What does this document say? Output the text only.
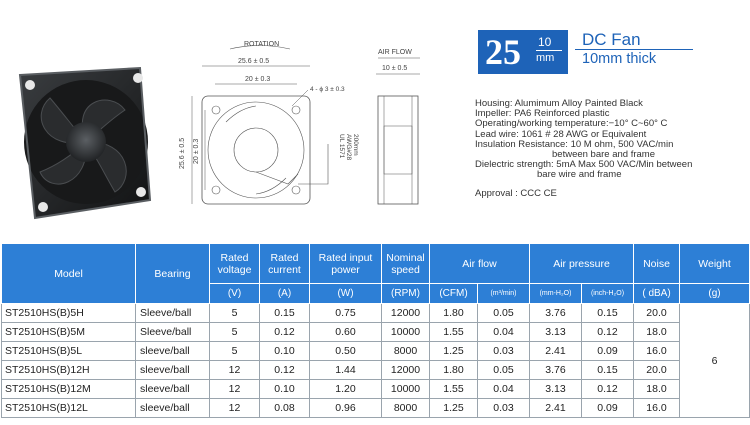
ROTATION
25.6 ± 0.5
20 ± 0.3
4 - ϕ 3 ± 0.3
25.6 ± 0.5 20 ± 0.3	UL 1571 AWG#28 200mm
AIR FLOW
10 ± 0.5 25 10
mm
DC Fan
10mm thick
Housing: Alumimum Alloy Painted Black
Impeller: PA6 Reinforced plastic
Operating/working temperature:−10° C~60° C
Lead wire: 1061 # 28 AWG or Equivalent
Insulation Resistance: 10 M ohm, 500 VAC/min
between bare and frame
Dielectric strength: 5mA Max 500 VAC/Min between
bare wire and frame
Approval : CCC CE
Model	Bearing	Rated voltage	Rated current	Rated input power	Nominal speed	Air flow		Air pressure		Noise	Weight
		(V)	(A)	(W)	(RPM)	(CFM)	(m³/min)	(mm-H₂O)	(inch-H₂O)	( dBA)	(g)
ST2510HS(B)5H	Sleeve/ball	5	0.15	0.75	12000	1.80	0.05	3.76	0.15	20.0	6
ST2510HS(B)5M	Sleeve/ball	5	0.12	0.60	10000	1.55	0.04	3.13	0.12	18.0	
ST2510HS(B)5L	sleeve/ball	5	0.10	0.50	8000	1.25	0.03	2.41	0.09	16.0	
ST2510HS(B)12H	sleeve/ball	12	0.12	1.44	12000	1.80	0.05	3.76	0.15	20.0	
ST2510HS(B)12M	sleeve/ball	12	0.10	1.20	10000	1.55	0.04	3.13	0.12	18.0	
ST2510HS(B)12L	sleeve/ball	12	0.08	0.96	8000	1.25	0.03	2.41	0.09	16.0	
